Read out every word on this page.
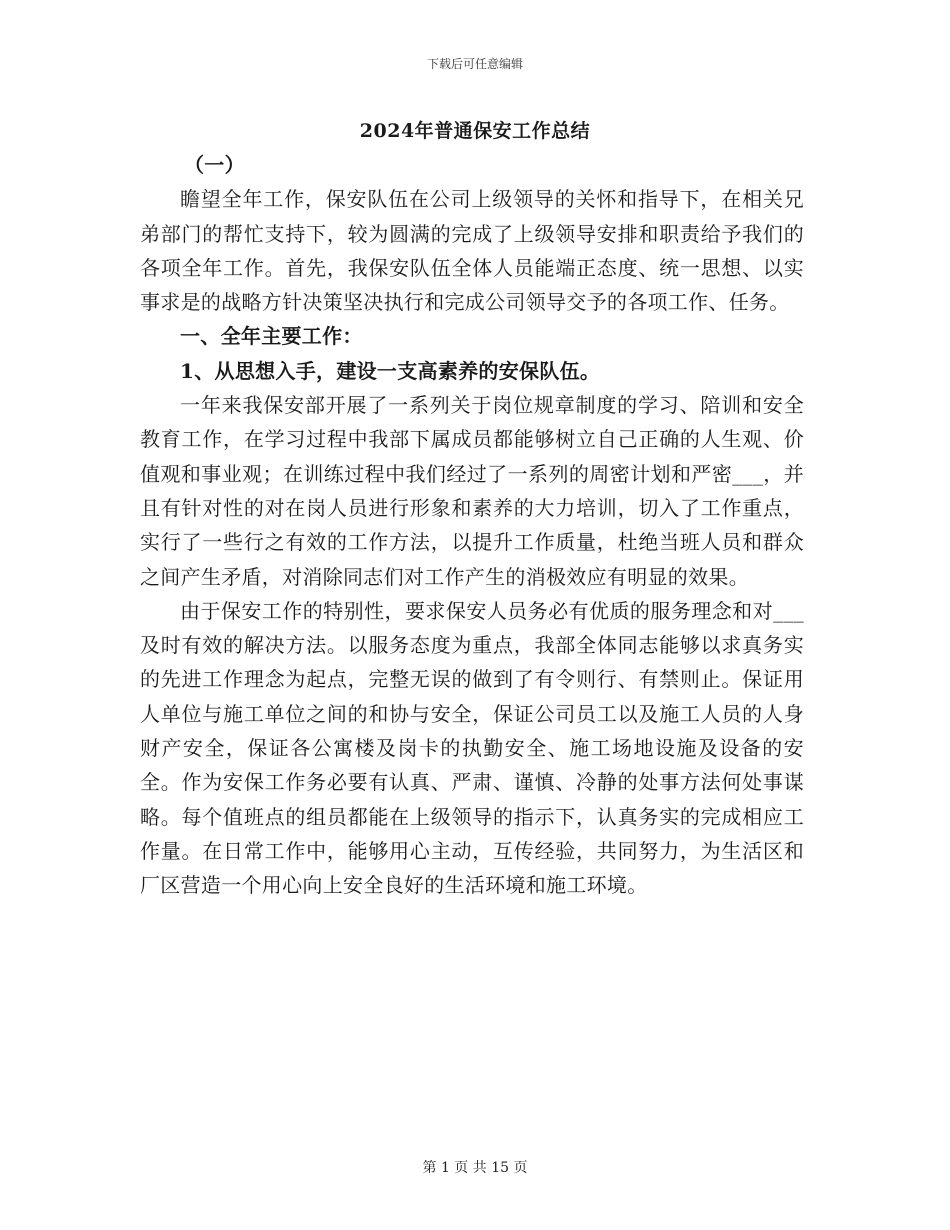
下载后可任意编辑
2024年普通保安工作总结

（一）

瞻望全年工作，保安队伍在公司上级领导的关怀和指导下，在相关兄弟部门的帮忙支持下，较为圆满的完成了上级领导安排和职责给予我们的各项全年工作。首先，我保安队伍全体人员能端正态度、统一思想、以实事求是的战略方针决策坚决执行和完成公司领导交予的各项工作、任务。

一、全年主要工作：

1、从思想入手，建设一支高素养的安保队伍。

一年来我保安部开展了一系列关于岗位规章制度的学习、陪训和安全教育工作，在学习过程中我部下属成员都能够树立自己正确的人生观、价值观和事业观；在训练过程中我们经过了一系列的周密计划和严密___，并且有针对性的对在岗人员进行形象和素养的大力培训，切入了工作重点，实行了一些行之有效的工作方法，以提升工作质量，杜绝当班人员和群众之间产生矛盾，对消除同志们对工作产生的消极效应有明显的效果。

由于保安工作的特别性，要求保安人员务必有优质的服务理念和对___及时有效的解决方法。以服务态度为重点，我部全体同志能够以求真务实的先进工作理念为起点，完整无误的做到了有令则行、有禁则止。保证用人单位与施工单位之间的和协与安全，保证公司员工以及施工人员的人身财产安全，保证各公寓楼及岗卡的执勤安全、施工场地设施及设备的安全。作为安保工作务必要有认真、严肃、谨慎、冷静的处事方法何处事谋略。每个值班点的组员都能在上级领导的指示下，认真务实的完成相应工作量。在日常工作中，能够用心主动，互传经验，共同努力，为生活区和厂区营造一个用心向上安全良好的生活环境和施工环境。

第 1 页 共 15 页
